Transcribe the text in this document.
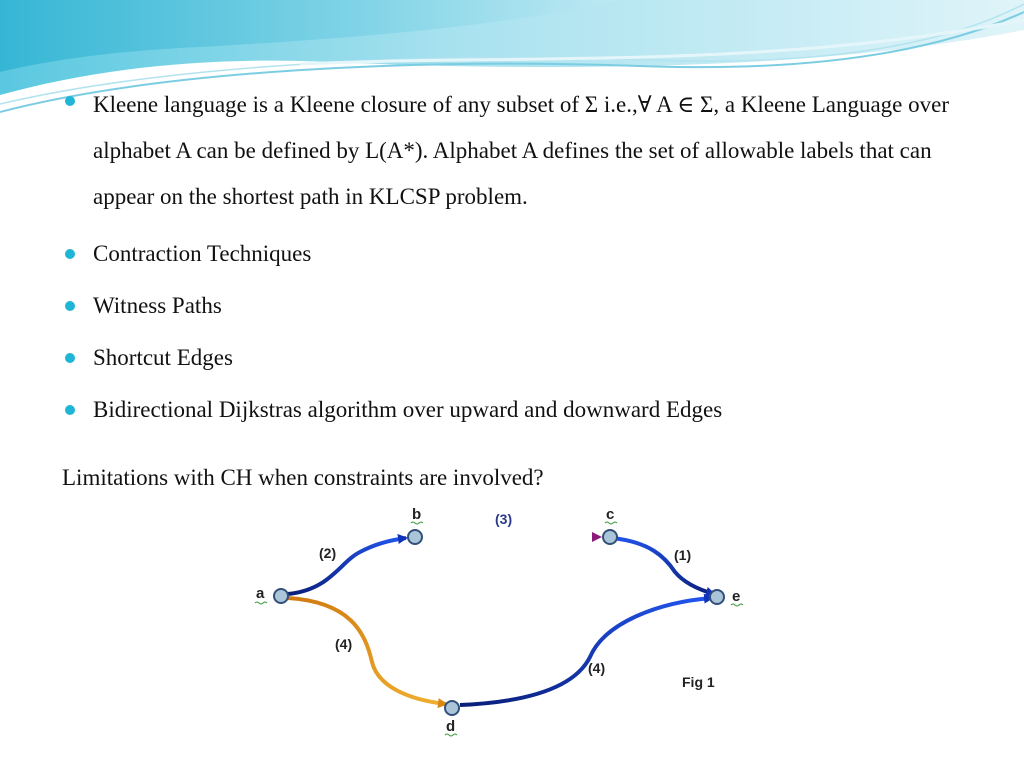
Kleene language is a Kleene closure of any subset of Σ i.e.,∀ A ∈ Σ, a Kleene Language over alphabet A can be defined by L(A*). Alphabet A defines the set of allowable labels that can appear on the shortest path in KLCSP problem.
Contraction Techniques
Witness Paths
Shortcut Edges
Bidirectional Dijkstras algorithm over upward and downward Edges

Limitations with CH when constraints are involved?

a
b	c
d
e
(2)
(3)
(1)
(4)
(4)
Fig 1
